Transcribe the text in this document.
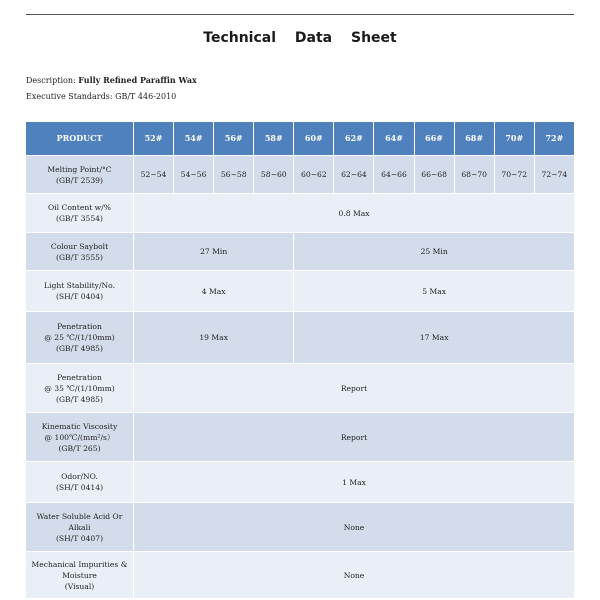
Technical Data Sheet
Description: Fully Refined Paraffin Wax
Executive Standards: GB/T 446-2010
PRODUCT	52#	54#	56#	58#	60#	62#	64#	66#	68#	70#	72#
Melting Point/°C
(GB/T 2539)	52~54	54~56	56~58	58~60	60~62	62~64	64~66	66~68	68~70	70~72	72~74
Oil Content w/%
(GB/T 3554)	0.8 Max										
Colour Saybolt
(GB/T 3555)	27 Min				25 Min						
Light Stability/No.
(SH/T 0404)	4 Max				5 Max						
Penetration
@ 25 ℃/(1/10mm)
(GB/T 4985)	19 Max				17 Max						
Penetration
@ 35 ℃/(1/10mm)
(GB/T 4985)	Report										
Kinematic Viscosity
@ 100℃/(mm²/s）
(GB/T 265)	Report										
Odor/NO.
(SH/T 0414)	1 Max										
Water Soluble Acid Or
Alkali
(SH/T 0407)	None										
Mechanical Impurities &
Moisture
(Visual)	None										
